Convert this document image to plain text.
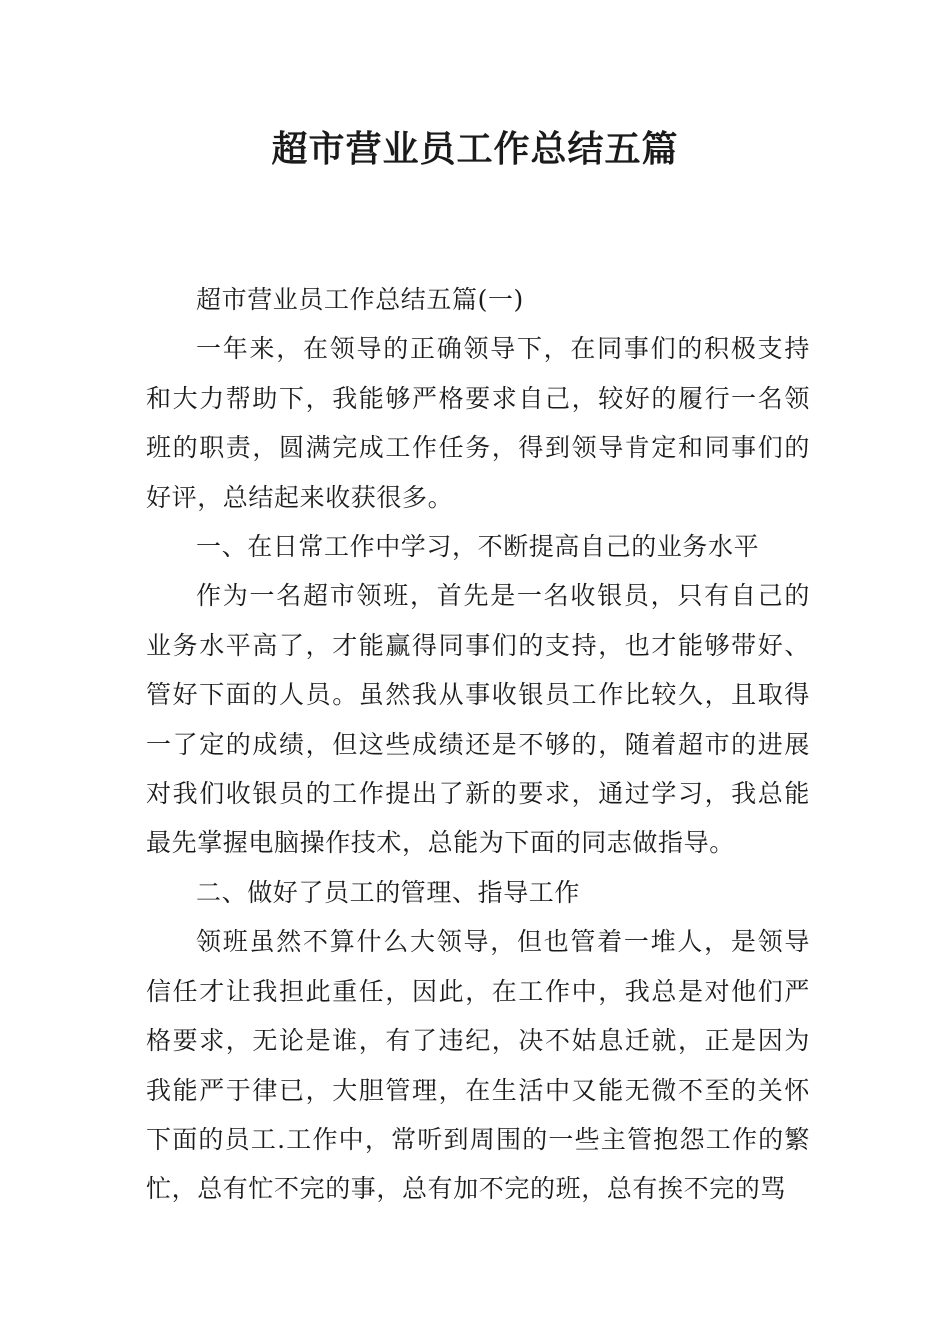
超市营业员工作总结五篇

超市营业员工作总结五篇(一)

一年来，在领导的正确领导下，在同事们的积极支持和大力帮助下，我能够严格要求自己，较好的履行一名领班的职责，圆满完成工作任务，得到领导肯定和同事们的好评，总结起来收获很多。

一、在日常工作中学习，不断提高自己的业务水平

作为一名超市领班，首先是一名收银员，只有自己的业务水平高了，才能赢得同事们的支持，也才能够带好、管好下面的人员。虽然我从事收银员工作比较久，且取得一了定的成绩，但这些成绩还是不够的，随着超市的进展对我们收银员的工作提出了新的要求，通过学习，我总能最先掌握电脑操作技术，总能为下面的同志做指导。

二、做好了员工的管理、指导工作

领班虽然不算什么大领导，但也管着一堆人，是领导信任才让我担此重任，因此，在工作中，我总是对他们严格要求，无论是谁，有了违纪，决不姑息迁就，正是因为我能严于律已，大胆管理，在生活中又能无微不至的关怀下面的员工.工作中，常听到周围的一些主管抱怨工作的繁忙，总有忙不完的事，总有加不完的班，总有挨不完的骂
